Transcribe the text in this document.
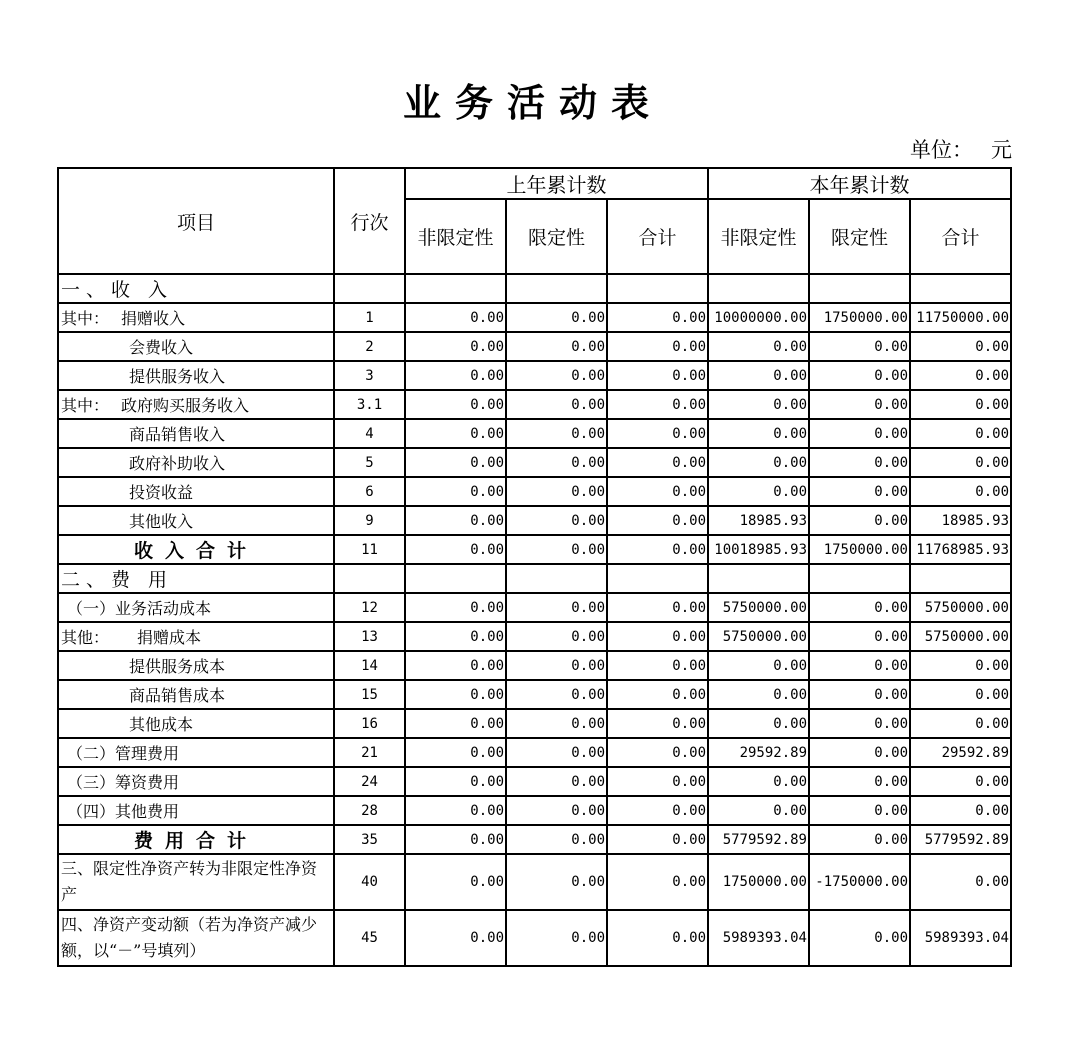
业务活动表
单位： 元
项目	行次	上年累计数			本年累计数		
		非限定性	限定性	合计	非限定性	限定性	合计
一、收 入							
其中： 捐赠收入	1	0.00	0.00	0.00	10000000.00	1750000.00	11750000.00
会费收入	2	0.00	0.00	0.00	0.00	0.00	0.00
提供服务收入	3	0.00	0.00	0.00	0.00	0.00	0.00
其中： 政府购买服务收入	3.1	0.00	0.00	0.00	0.00	0.00	0.00
商品销售收入	4	0.00	0.00	0.00	0.00	0.00	0.00
政府补助收入	5	0.00	0.00	0.00	0.00	0.00	0.00
投资收益	6	0.00	0.00	0.00	0.00	0.00	0.00
其他收入	9	0.00	0.00	0.00	18985.93	0.00	18985.93
收入合计	11	0.00	0.00	0.00	10018985.93	1750000.00	11768985.93
二、费 用							
（一）业务活动成本	12	0.00	0.00	0.00	5750000.00	0.00	5750000.00
其他： 捐赠成本	13	0.00	0.00	0.00	5750000.00	0.00	5750000.00
提供服务成本	14	0.00	0.00	0.00	0.00	0.00	0.00
商品销售成本	15	0.00	0.00	0.00	0.00	0.00	0.00
其他成本	16	0.00	0.00	0.00	0.00	0.00	0.00
（二）管理费用	21	0.00	0.00	0.00	29592.89	0.00	29592.89
（三）筹资费用	24	0.00	0.00	0.00	0.00	0.00	0.00
（四）其他费用	28	0.00	0.00	0.00	0.00	0.00	0.00
费用合计	35	0.00	0.00	0.00	5779592.89	0.00	5779592.89
三、限定性净资产转为非限定性净资产	40	0.00	0.00	0.00	1750000.00	-1750000.00	0.00
四、净资产变动额（若为净资产减少额，以“－”号填列）	45	0.00	0.00	0.00	5989393.04	0.00	5989393.04
